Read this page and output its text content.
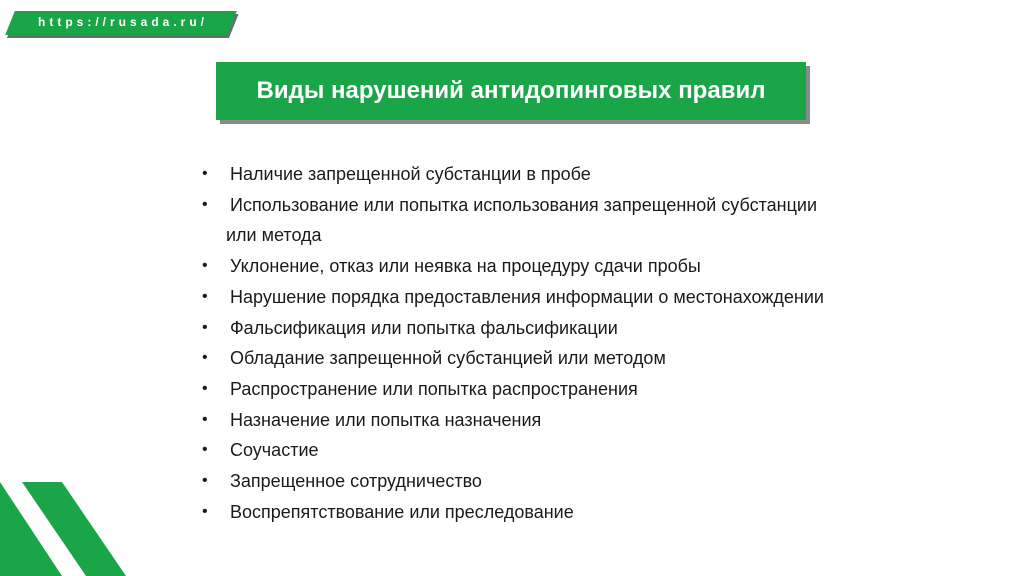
https://rusada.ru/
Виды нарушений антидопинговых правил
• Наличие запрещенной субстанции в пробе
• Использование или попытка использования запрещенной субстанции
или метода
• Уклонение, отказ или неявка на процедуру сдачи пробы
• Нарушение порядка предоставления информации о местонахождении
• Фальсификация или попытка фальсификации
• Обладание запрещенной субстанцией или методом
• Распространение или попытка распространения
• Назначение или попытка назначения
• Соучастие
• Запрещенное сотрудничество
• Воспрепятствование или преследование
